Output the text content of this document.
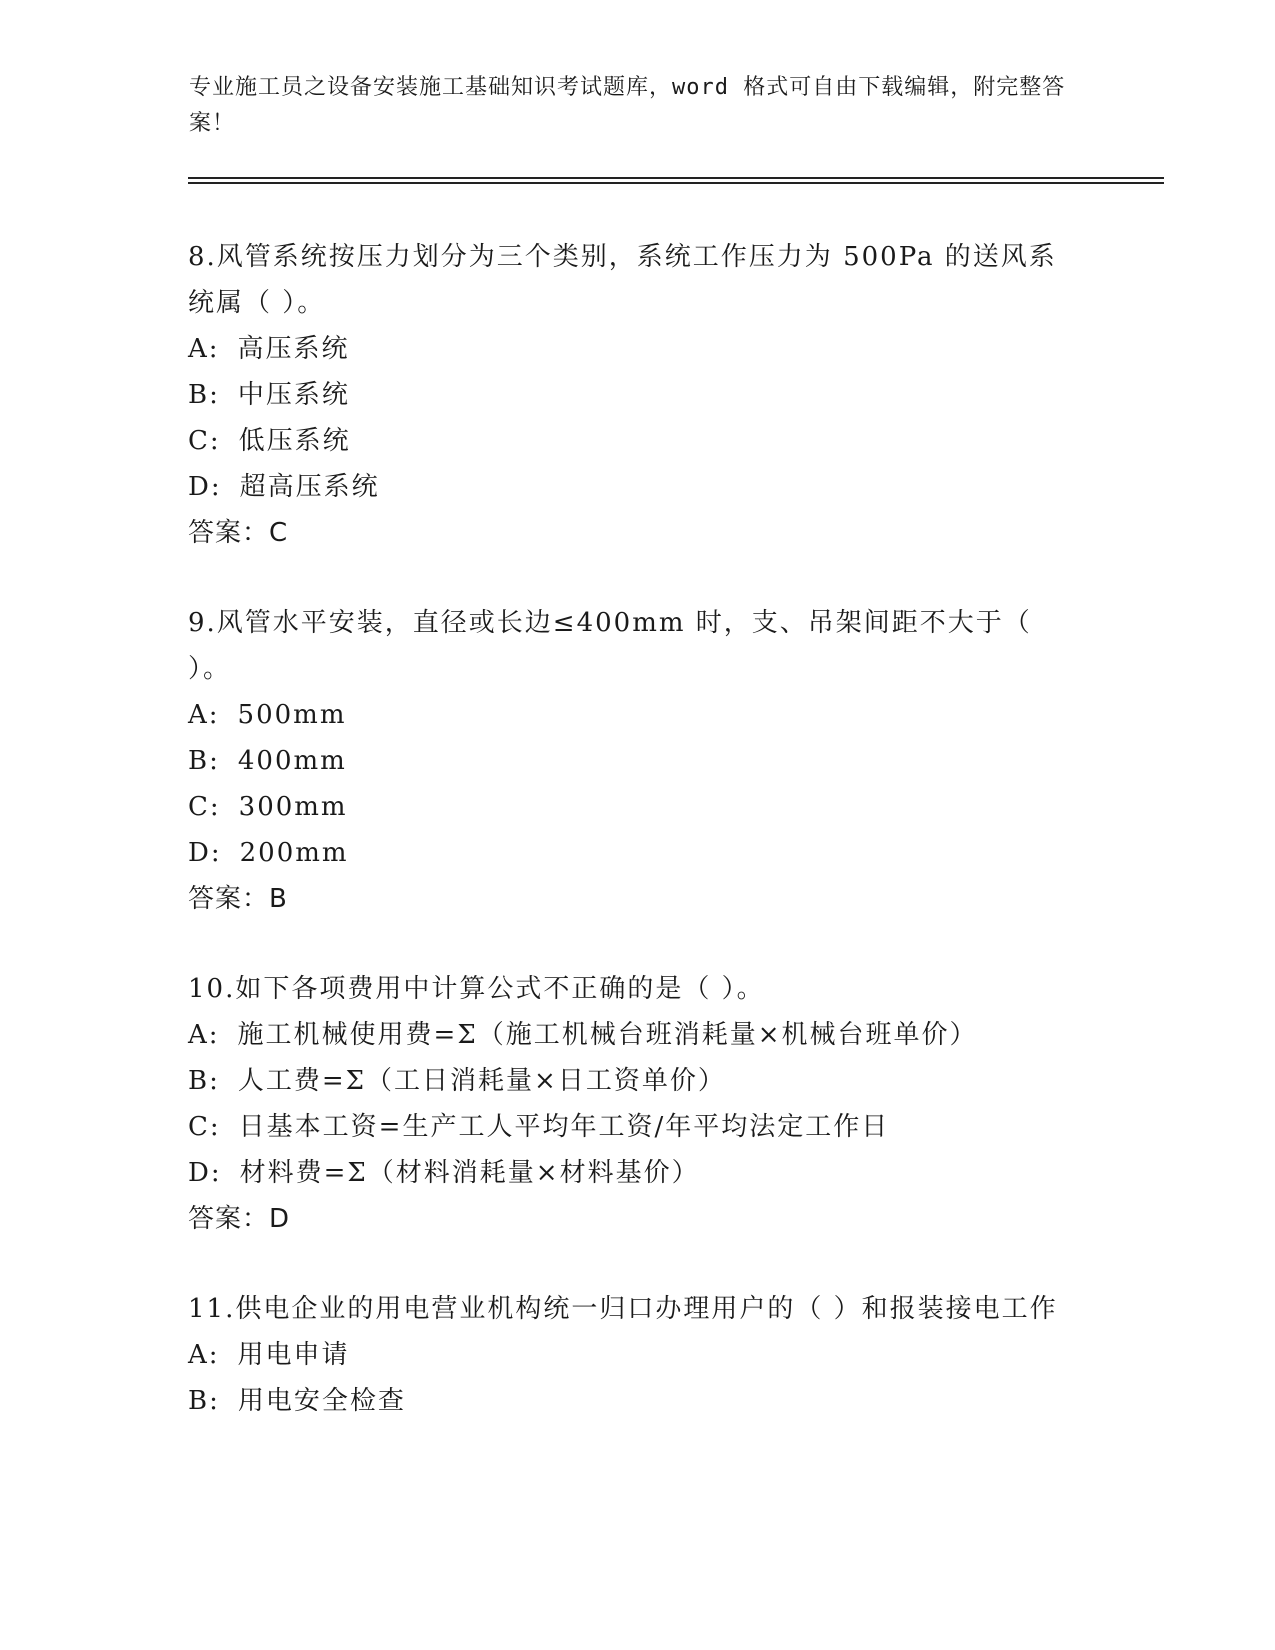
专业施工员之设备安装施工基础知识考试题库，word 格式可自由下载编辑，附完整答案！
8.风管系统按压力划分为三个类别，系统工作压力为 500Pa 的送风系统属（ ）。
A: 高压系统
B: 中压系统
C: 低压系统
D: 超高压系统
答案：C
9.风管水平安装，直径或长边≤400mm 时，支、吊架间距不大于（ ）。
A: 500mm
B: 400mm
C: 300mm
D: 200mm
答案：B
10.如下各项费用中计算公式不正确的是（ ）。
A: 施工机械使用费=Σ（施工机械台班消耗量×机械台班单价）
B: 人工费=Σ（工日消耗量×日工资单价）
C: 日基本工资=生产工人平均年工资/年平均法定工作日
D: 材料费=Σ（材料消耗量×材料基价）
答案：D
11.供电企业的用电营业机构统一归口办理用户的（ ）和报装接电工作
A: 用电申请
B: 用电安全检查
